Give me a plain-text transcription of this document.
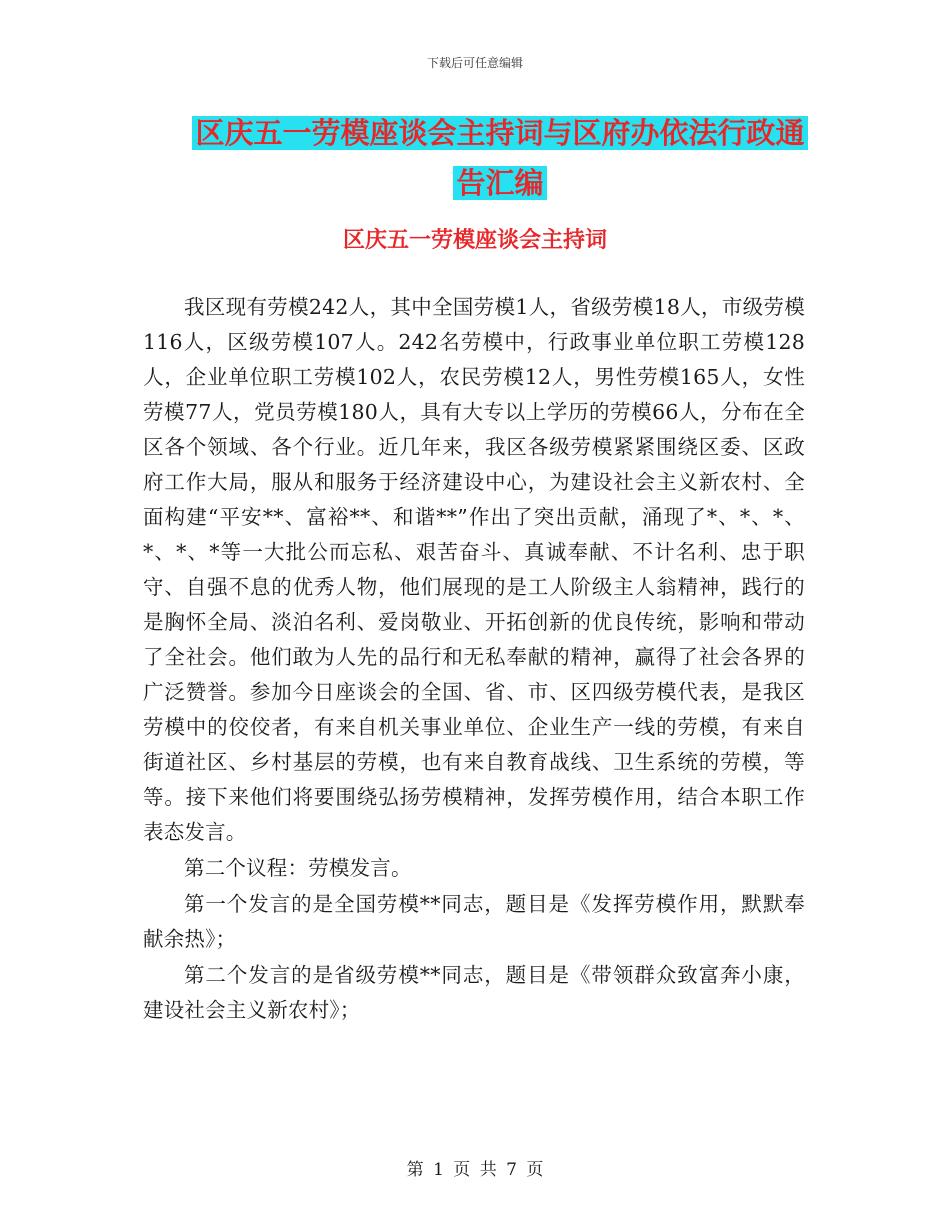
下载后可任意编辑
区庆五一劳模座谈会主持词与区府办依法行政通告汇编
区庆五一劳模座谈会主持词

我区现有劳模242人，其中全国劳模1人，省级劳模18人，市级劳模116人，区级劳模107人。242名劳模中，行政事业单位职工劳模128人，企业单位职工劳模102人，农民劳模12人，男性劳模165人，女性劳模77人，党员劳模180人，具有大专以上学历的劳模66人，分布在全区各个领域、各个行业。近几年来，我区各级劳模紧紧围绕区委、区政府工作大局，服从和服务于经济建设中心，为建设社会主义新农村、全面构建“平安**、富裕**、和谐**”作出了突出贡献，涌现了*、*、*、*、*、*等一大批公而忘私、艰苦奋斗、真诚奉献、不计名利、忠于职守、自强不息的优秀人物，他们展现的是工人阶级主人翁精神，践行的是胸怀全局、淡泊名利、爱岗敬业、开拓创新的优良传统，影响和带动了全社会。他们敢为人先的品行和无私奉献的精神，赢得了社会各界的广泛赞誉。参加今日座谈会的全国、省、市、区四级劳模代表，是我区劳模中的佼佼者，有来自机关事业单位、企业生产一线的劳模，有来自街道社区、乡村基层的劳模，也有来自教育战线、卫生系统的劳模，等等。接下来他们将要围绕弘扬劳模精神，发挥劳模作用，结合本职工作表态发言。

第二个议程：劳模发言。

第一个发言的是全国劳模**同志，题目是《发挥劳模作用，默默奉献余热》；

第二个发言的是省级劳模**同志，题目是《带领群众致富奔小康，建设社会主义新农村》；

第 1 页 共 7 页
